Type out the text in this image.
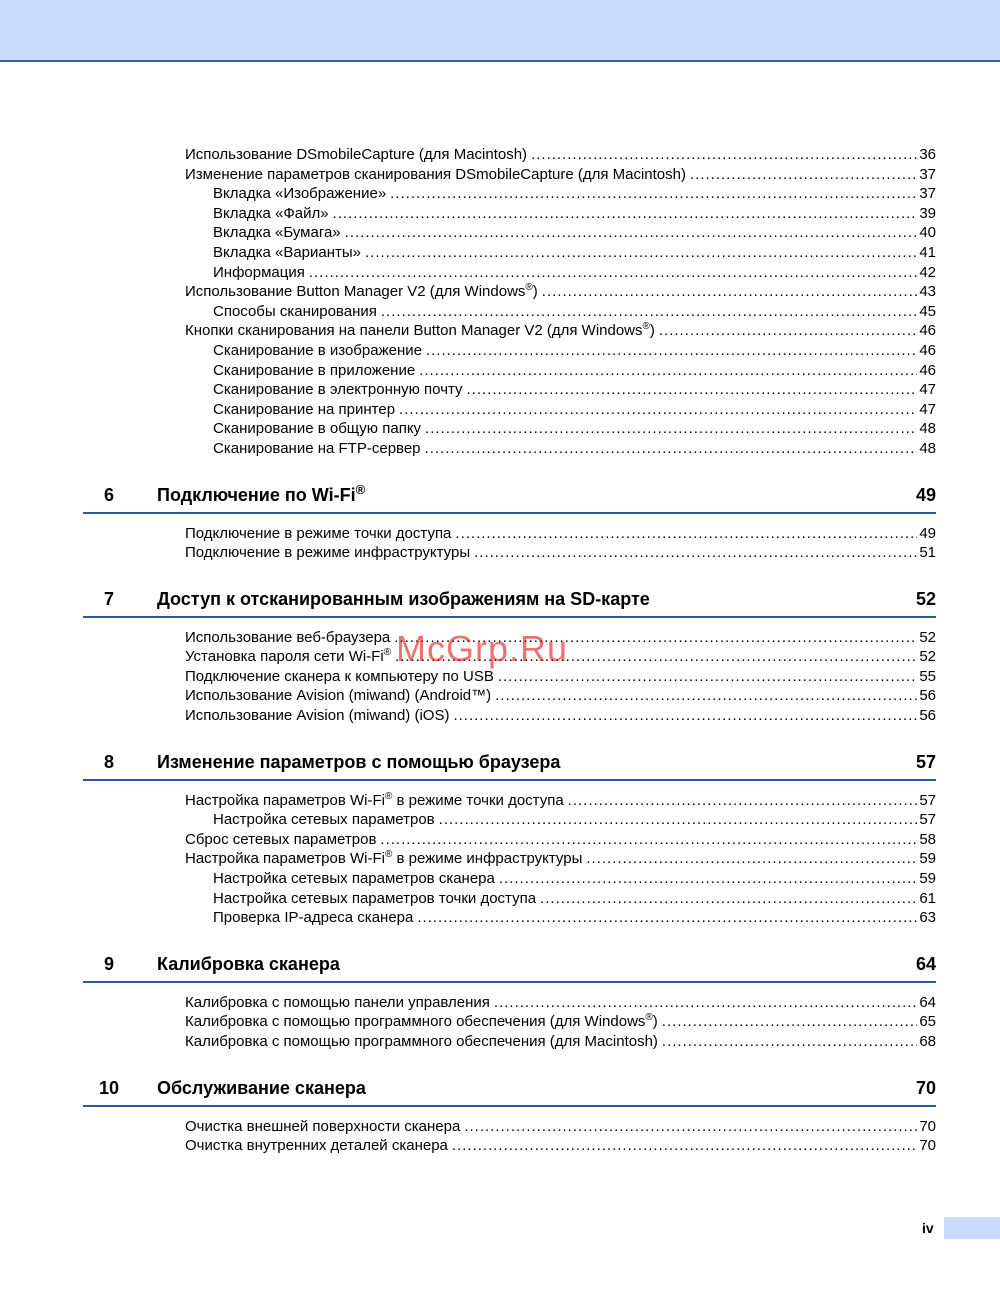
Использование DSmobileCapture (для Macintosh) .....	36
Изменение параметров сканирования DSmobileCapture (для Macintosh) .....	37
Вкладка «Изображение» .....	37
Вкладка «Файл» .....	39
Вкладка «Бумага» .....	40
Вкладка «Варианты» .....	41
Информация .....	42
Использование Button Manager V2 (для Windows®) .....	43
Способы сканирования .....	45
Кнопки сканирования на панели Button Manager V2 (для Windows®) .....	46
Сканирование в изображение .....	46
Сканирование в приложение .....	46
Сканирование в электронную почту .....	47
Сканирование на принтер .....	47
Сканирование в общую папку .....	48
Сканирование на FTP-сервер .....	48
6	Подключение по Wi-Fi®	49
Подключение в режиме точки доступа .....	49
Подключение в режиме инфраструктуры .....	51
7	Доступ к отсканированным изображениям на SD-карте	52
Использование веб-браузера .....	52
Установка пароля сети Wi-Fi® .....	52
Подключение сканера к компьютеру по USB .....	55
Использование Avision (miwand) (Android™) .....	56
Использование Avision (miwand) (iOS) .....	56
8	Изменение параметров с помощью браузера	57
Настройка параметров Wi-Fi® в режиме точки доступа .....	57
Настройка сетевых параметров .....	57
Сброс сетевых параметров .....	58
Настройка параметров Wi-Fi® в режиме инфраструктуры .....	59
Настройка сетевых параметров сканера .....	59
Настройка сетевых параметров точки доступа .....	61
Проверка IP-адреса сканера .....	63
9	Калибровка сканера	64
Калибровка с помощью панели управления .....	64
Калибровка с помощью программного обеспечения (для Windows®) .....	65
Калибровка с помощью программного обеспечения (для Macintosh) .....	68
10	Обслуживание сканера	70
Очистка внешней поверхности сканера .....	70
Очистка внутренних деталей сканера .....	70
McGrp.Ru
iv
